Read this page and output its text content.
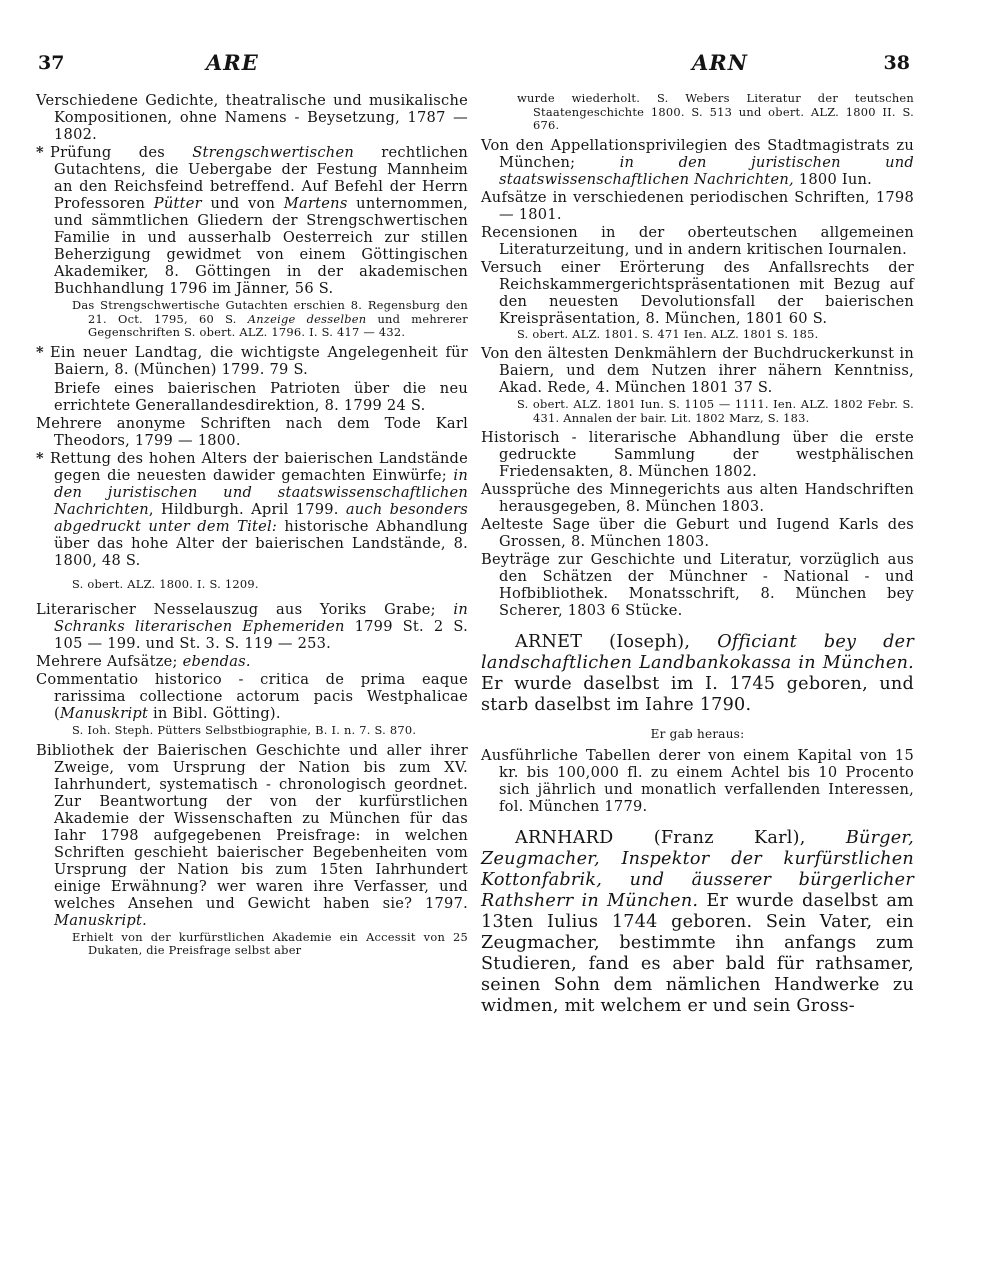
37	ARE	ARN	38

Verschiedene Gedichte, theatralische und musikalische Kompositionen, ohne Namens - Beysetzung, 1787 — 1802.

* Prüfung des Strengschwertischen rechtlichen Gutachtens, die Uebergabe der Festung Mannheim an den Reichsfeind betreffend. Auf Befehl der Herrn Professoren Pütter und von Martens unternommen, und sämmtlichen Gliedern der Strengschwertischen Familie in und ausserhalb Oesterreich zur stillen Beherzigung gewidmet von einem Göttingischen Akademiker, 8. Göttingen in der akademischen Buchhandlung 1796 im Jänner, 56 S.

Das Strengschwertische Gutachten erschien 8. Regensburg den 21. Oct. 1795, 60 S. Anzeige desselben und mehrerer Gegenschriften S. obert. ALZ. 1796. I. S. 417 — 432.

* Ein neuer Landtag, die wichtigste Angelegenheit für Baiern, 8. (München) 1799. 79 S.

Briefe eines baierischen Patrioten über die neu errichtete Generallandesdirektion, 8. 1799 24 S.

Mehrere anonyme Schriften nach dem Tode Karl Theodors, 1799 — 1800.

* Rettung des hohen Alters der baierischen Landstände gegen die neuesten dawider gemachten Einwürfe; in den juristischen und staatswissenschaftlichen Nachrichten, Hildburgh. April 1799. auch besonders abgedruckt unter dem Titel: historische Abhandlung über das hohe Alter der baierischen Landstände, 8. 1800, 48 S.

S. obert. ALZ. 1800. I. S. 1209.

Literarischer Nesselauszug aus Yoriks Grabe; in Schranks literarischen Ephemeriden 1799 St. 2 S. 105 — 199. und St. 3. S. 119 — 253.

Mehrere Aufsätze; ebendas.

Commentatio historico - critica de prima eaque rarissima collectione actorum pacis Westphalicae (Manuskript in Bibl. Götting).

S. Ioh. Steph. Pütters Selbstbiographie, B. I. n. 7. S. 870.

Bibliothek der Baierischen Geschichte und aller ihrer Zweige, vom Ursprung der Nation bis zum XV. Iahrhundert, systematisch - chronologisch geordnet. Zur Beantwortung der von der kurfürstlichen Akademie der Wissenschaften zu München für das Iahr 1798 aufgegebenen Preisfrage: in welchen Schriften geschieht baierischer Begebenheiten vom Ursprung der Nation bis zum 15ten Iahrhundert einige Erwähnung? wer waren ihre Verfasser, und welches Ansehen und Gewicht haben sie? 1797. Manuskript.

Erhielt von der kurfürstlichen Akademie ein Accessit von 25 Dukaten, die Preisfrage selbst aber

wurde wiederholt. S. Webers Literatur der teutschen Staatengeschichte 1800. S. 513 und obert. ALZ. 1800 II. S. 676.

Von den Appellationsprivilegien des Stadtmagistrats zu München; in den juristischen und staatswissenschaftlichen Nachrichten, 1800 Iun.

Aufsätze in verschiedenen periodischen Schriften, 1798 — 1801.

Recensionen in der oberteutschen allgemeinen Literaturzeitung, und in andern kritischen Iournalen.

Versuch einer Erörterung des Anfallsrechts der Reichskammergerichtspräsentationen mit Bezug auf den neuesten Devolutionsfall der baierischen Kreispräsentation, 8. München, 1801 60 S.

S. obert. ALZ. 1801. S. 471 Ien. ALZ. 1801 S. 185.

Von den ältesten Denkmählern der Buchdruckerkunst in Baiern, und dem Nutzen ihrer nähern Kenntniss, Akad. Rede, 4. München 1801 37 S.

S. obert. ALZ. 1801 Iun. S. 1105 — 1111. Ien. ALZ. 1802 Febr. S. 431. Annalen der bair. Lit. 1802 Marz, S. 183.

Historisch - literarische Abhandlung über die erste gedruckte Sammlung der westphälischen Friedensakten, 8. München 1802.

Aussprüche des Minnegerichts aus alten Handschriften herausgegeben, 8. München 1803.

Aelteste Sage über die Geburt und Iugend Karls des Grossen, 8. München 1803.

Beyträge zur Geschichte und Literatur, vorzüglich aus den Schätzen der Münchner - National - und Hofbibliothek. Monatsschrift, 8. München bey Scherer, 1803 6 Stücke.

ARNET (Ioseph), Officiant bey der landschaftlichen Landbankokassa in München. Er wurde daselbst im I. 1745 geboren, und starb daselbst im Iahre 1790.

Er gab heraus:

Ausführliche Tabellen derer von einem Kapital von 15 kr. bis 100,000 fl. zu einem Achtel bis 10 Procento sich jährlich und monatlich verfallenden Interessen, fol. München 1779.

ARNHARD (Franz Karl), Bürger, Zeugmacher, Inspektor der kurfürstlichen Kottonfabrik, und äusserer bürgerlicher Rathsherr in München. Er wurde daselbst am 13ten Iulius 1744 geboren. Sein Vater, ein Zeugmacher, bestimmte ihn anfangs zum Studieren, fand es aber bald für rathsamer, seinen Sohn dem nämlichen Handwerke zu widmen, mit welchem er und sein Gross-
